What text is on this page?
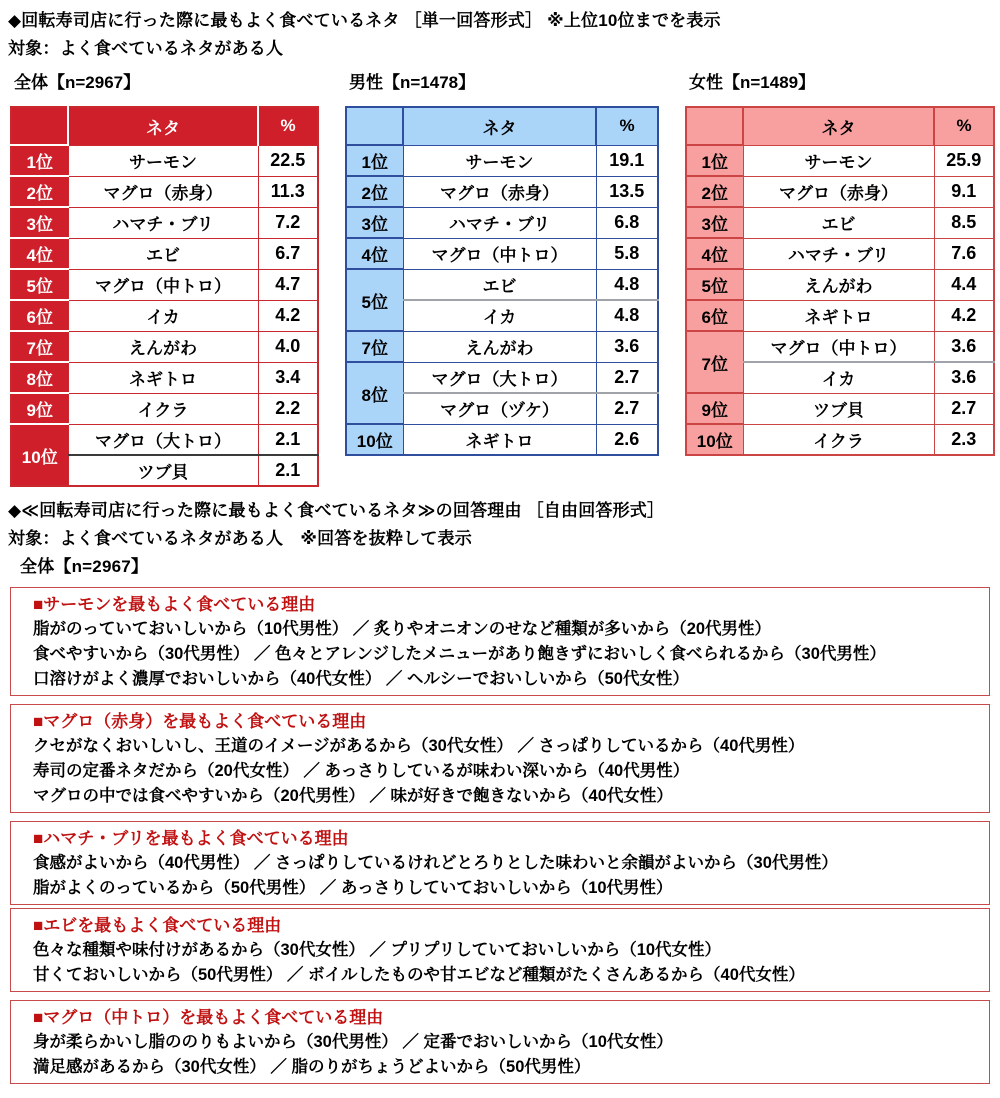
◆回転寿司店に行った際に最もよく食べているネタ ［単一回答形式］ ※上位10位までを表示
対象：よく食べているネタがある人
全体【n=2967】
	ネタ	%
1位	サーモン	22.5
2位	マグロ（赤身）	11.3
3位	ハマチ・ブリ	7.2
4位	エビ	6.7
5位	マグロ（中トロ）	4.7
6位	イカ	4.2
7位	えんがわ	4.0
8位	ネギトロ	3.4
9位	イクラ	2.2
10位	マグロ（大トロ）	2.1
	ツブ貝	2.1
男性【n=1478】
	ネタ	%
1位	サーモン	19.1
2位	マグロ（赤身）	13.5
3位	ハマチ・ブリ	6.8
4位	マグロ（中トロ）	5.8
5位	エビ	4.8
	イカ	4.8
7位	えんがわ	3.6
8位	マグロ（大トロ）	2.7
	マグロ（ヅケ）	2.7
10位	ネギトロ	2.6
女性【n=1489】
	ネタ	%
1位	サーモン	25.9
2位	マグロ（赤身）	9.1
3位	エビ	8.5
4位	ハマチ・ブリ	7.6
5位	えんがわ	4.4
6位	ネギトロ	4.2
7位	マグロ（中トロ）	3.6
	イカ	3.6
9位	ツブ貝	2.7
10位	イクラ	2.3
◆≪回転寿司店に行った際に最もよく食べているネタ≫の回答理由 ［自由回答形式］
対象：よく食べているネタがある人　※回答を抜粋して表示
全体【n=2967】
■サーモンを最もよく食べている理由
脂がのっていておいしいから（10代男性） ／ 炙りやオニオンのせなど種類が多いから（20代男性）
食べやすいから（30代男性） ／ 色々とアレンジしたメニューがあり飽きずにおいしく食べられるから（30代男性）
口溶けがよく濃厚でおいしいから（40代女性） ／ ヘルシーでおいしいから（50代女性）
■マグロ（赤身）を最もよく食べている理由
クセがなくおいしいし、王道のイメージがあるから（30代女性） ／ さっぱりしているから（40代男性）
寿司の定番ネタだから（20代女性） ／ あっさりしているが味わい深いから（40代男性）
マグロの中では食べやすいから（20代男性） ／ 味が好きで飽きないから（40代女性）
■ハマチ・ブリを最もよく食べている理由
食感がよいから（40代男性） ／ さっぱりしているけれどとろりとした味わいと余韻がよいから（30代男性）
脂がよくのっているから（50代男性） ／ あっさりしていておいしいから（10代男性）
■エビを最もよく食べている理由
色々な種類や味付けがあるから（30代女性） ／ プリプリしていておいしいから（10代女性）
甘くておいしいから（50代男性） ／ ボイルしたものや甘エビなど種類がたくさんあるから（40代女性）
■マグロ（中トロ）を最もよく食べている理由
身が柔らかいし脂ののりもよいから（30代男性） ／ 定番でおいしいから（10代女性）
満足感があるから（30代女性） ／ 脂のりがちょうどよいから（50代男性）
